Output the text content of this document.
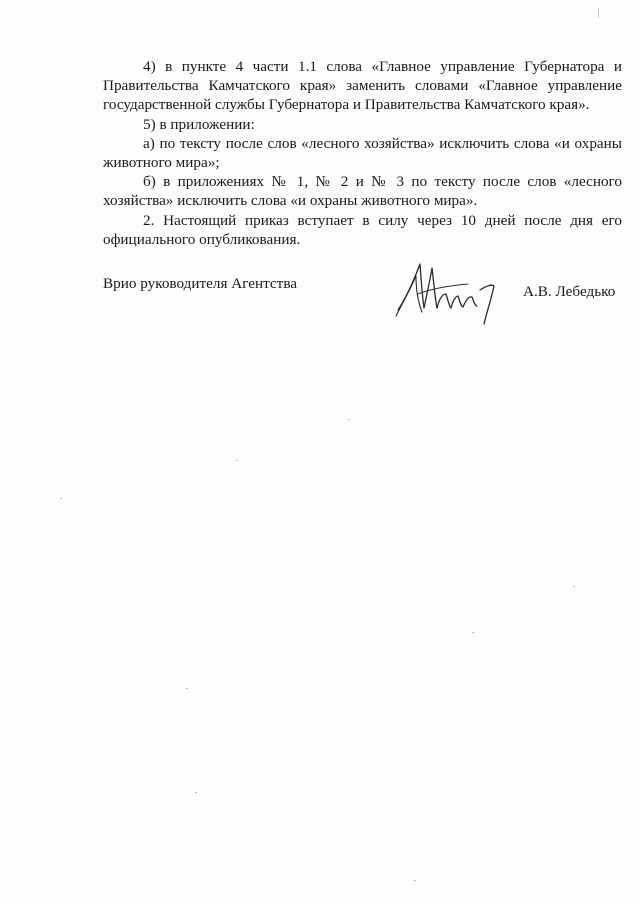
4) в пункте 4 части 1.1 слова «Главное управление Губернатора и Правительства Камчатского края» заменить словами «Главное управление государственной службы Губернатора и Правительства Камчатского края».

5) в приложении:

а) по тексту после слов «лесного хозяйства» исключить слова «и охраны животного мира»;

б) в приложениях № 1, № 2 и № 3 по тексту после слов «лесного хозяйства» исключить слова «и охраны животного мира».

2. Настоящий приказ вступает в силу через 10 дней после дня его официального опубликования.

Врио руководителя Агентства	А.В. Лебедько
